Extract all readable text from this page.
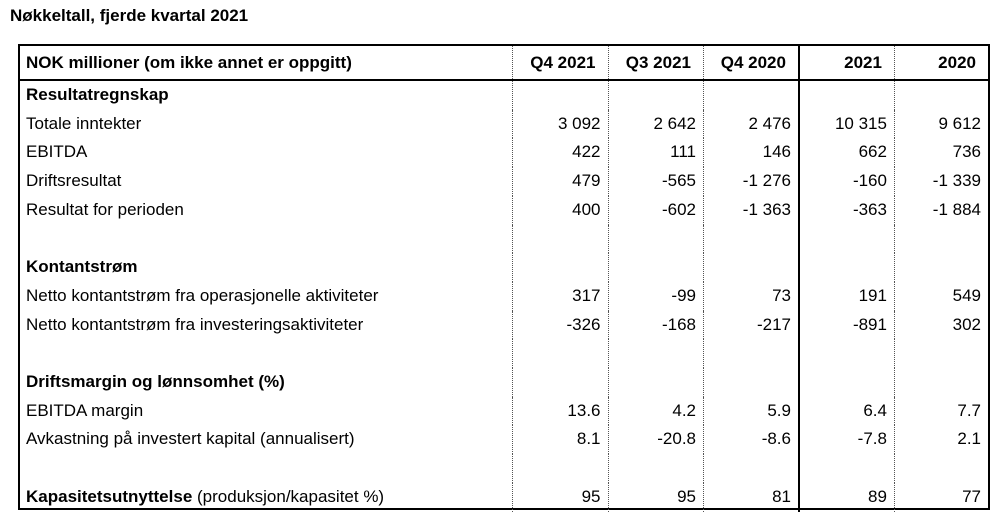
Nøkkeltall, fjerde kvartal 2021
NOK millioner (om ikke annet er oppgitt)	Q4 2021	Q3 2021	Q4 2020	2021	2020
Resultatregnskap					
Totale inntekter	3 092	2 642	2 476	10 315	9 612
EBITDA	422	111	146	662	736
Driftsresultat	479	-565	-1 276	-160	-1 339
Resultat for perioden	400	-602	-1 363	-363	-1 884

Kontantstrøm					
Netto kontantstrøm fra operasjonelle aktiviteter	317	-99	73	191	549
Netto kontantstrøm fra investeringsaktiviteter	-326	-168	-217	-891	302

Driftsmargin og lønnsomhet (%)					
EBITDA margin	13.6	4.2	5.9	6.4	7.7
Avkastning på investert kapital (annualisert)	8.1	-20.8	-8.6	-7.8	2.1

Kapasitetsutnyttelse (produksjon/kapasitet %)	95	95	81	89	77
